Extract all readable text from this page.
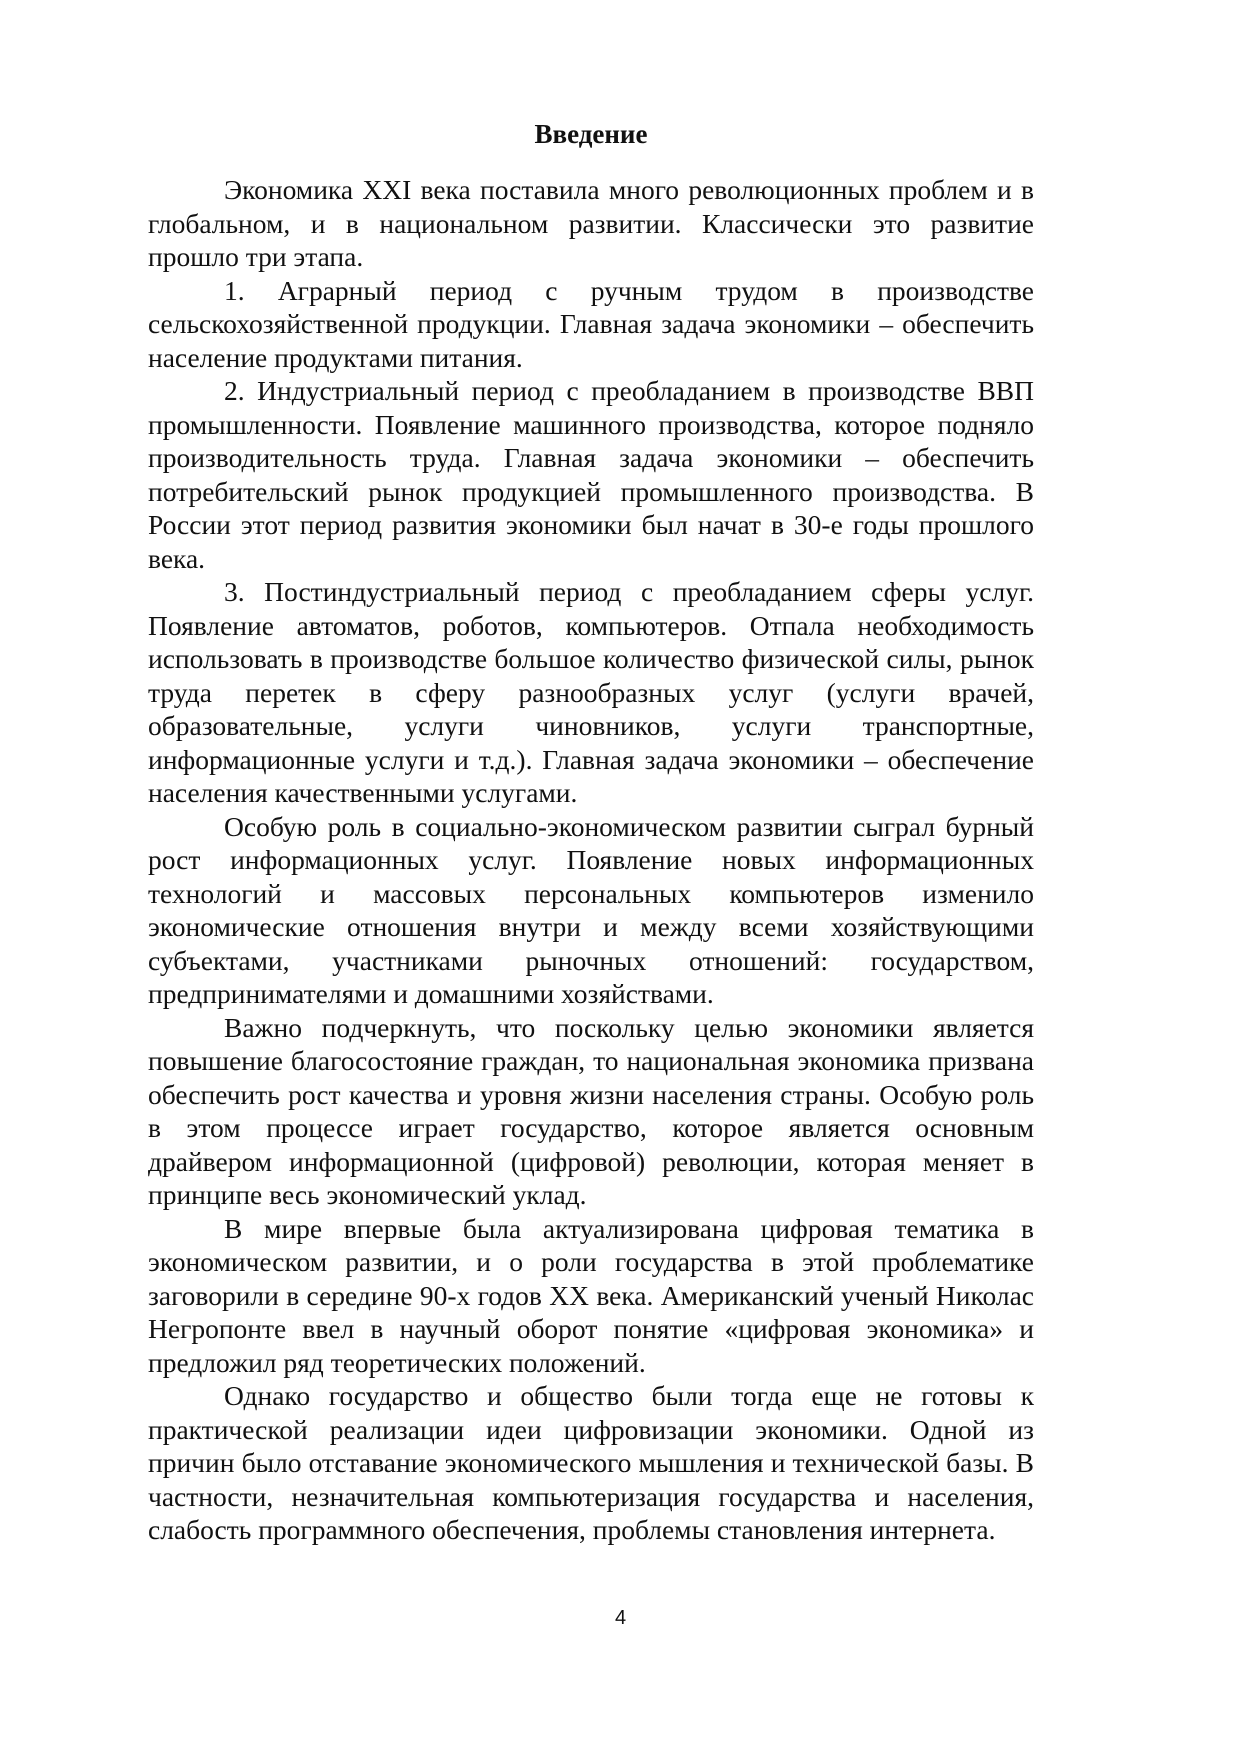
Введение

Экономика XXI века поставила много революционных проблем и в глобальном, и в национальном развитии. Классически это развитие прошло три этапа.

1. Аграрный период с ручным трудом в производстве сельскохозяйственной продукции. Главная задача экономики – обеспечить население продуктами питания.

2. Индустриальный период с преобладанием в производстве ВВП промышленности. Появление машинного производства, которое подняло производительность труда. Главная задача экономики – обеспечить потребительский рынок продукцией промышленного производства. В России этот период развития экономики был начат в 30-е годы прошлого века.

3. Постиндустриальный период с преобладанием сферы услуг. Появление автоматов, роботов, компьютеров. Отпала необходимость использовать в производстве большое количество физической силы, рынок труда перетек в сферу разнообразных услуг (услуги врачей, образовательные, услуги чиновников, услуги транспортные, информационные услуги и т.д.). Главная задача экономики – обеспечение населения качественными услугами.

Особую роль в социально-экономическом развитии сыграл бурный рост информационных услуг. Появление новых информационных технологий и массовых персональных компьютеров изменило экономические отношения внутри и между всеми хозяйствующими субъектами, участниками рыночных отношений: государством, предпринимателями и домашними хозяйствами.

Важно подчеркнуть, что поскольку целью экономики является повышение благосостояние граждан, то национальная экономика призвана обеспечить рост качества и уровня жизни населения страны. Особую роль в этом процессе играет государство, которое является основным драйвером информационной (цифровой) революции, которая меняет в принципе весь экономический уклад.

В мире впервые была актуализирована цифровая тематика в экономическом развитии, и о роли государства в этой проблематике заговорили в середине 90-х годов XX века. Американский ученый Николас Негропонте ввел в научный оборот понятие «цифровая экономика» и предложил ряд теоретических положений.

Однако государство и общество были тогда еще не готовы к практической реализации идеи цифровизации экономики. Одной из причин было отставание экономического мышления и технической базы. В частности, незначительная компьютеризация государства и населения, слабость программного обеспечения, проблемы становления интернета.

4
